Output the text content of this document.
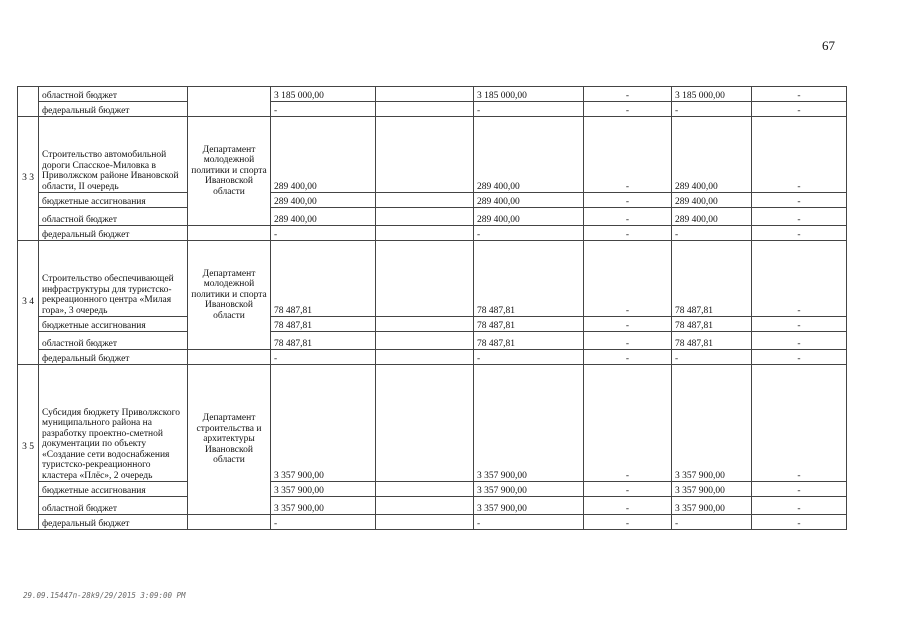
67
	областной бюджет		3 185 000,00		3 185 000,00	-	3 185 000,00	-
	федеральный бюджет		-		-	-	-	-
3 3	Строительство автомобильной дороги Спасское-Миловка в Приволжском районе Ивановской области, II очередь	Департамент молодежной политики и спорта Ивановской области	289 400,00		289 400,00	-	289 400,00	-
	бюджетные ассигнования		289 400,00		289 400,00	-	289 400,00	-
	областной бюджет		289 400,00		289 400,00	-	289 400,00	-
	федеральный бюджет		-		-	-	-	-
3 4	Строительство обеспечивающей инфраструктуры для туристско-рекреационного центра «Милая гора», 3 очередь	Департамент молодежной политики и спорта Ивановской области	78 487,81		78 487,81	-	78 487,81	-
	бюджетные ассигнования		78 487,81		78 487,81	-	78 487,81	-
	областной бюджет		78 487,81		78 487,81	-	78 487,81	-
	федеральный бюджет		-		-	-	-	-
3 5	Субсидия бюджету Приволжского муниципального района на разработку проектно-сметной документации по объекту «Создание сети водоснабжения туристско-рекреационного кластера «Плёс», 2 очередь	Департамент строительства и архитектуры Ивановской области	3 357 900,00		3 357 900,00	-	3 357 900,00	-
	бюджетные ассигнования		3 357 900,00		3 357 900,00	-	3 357 900,00	-
	областной бюджет		3 357 900,00		3 357 900,00	-	3 357 900,00	-
	федеральный бюджет		-		-	-	-	-
29.09.15447п-28k9/29/2015 3:09:00 PM
